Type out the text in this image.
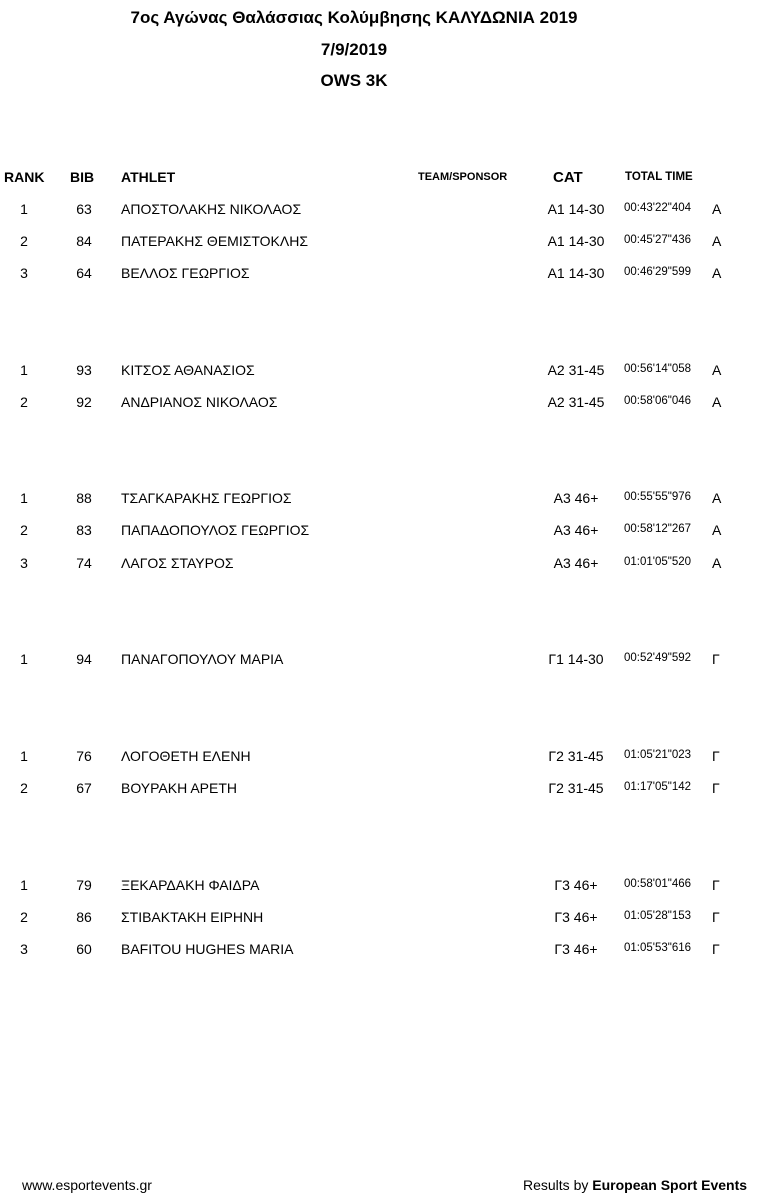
7ος Αγώνας Θαλάσσιας Κολύμβησης ΚΑΛΥΔΩΝΙΑ 2019
7/9/2019
OWS 3K
RANK BIB ATHLET	TEAM/SPONSOR	CAT	TOTAL TIME
1	63	ΑΠΟΣΤΟΛΑΚΗΣ ΝΙΚΟΛΑΟΣ	Α1 14-30	00:43'22"404 Α
2	84	ΠΑΤΕΡΑΚΗΣ ΘΕΜΙΣΤΟΚΛΗΣ	Α1 14-30	00:45'27"436 Α
3	64	ΒΕΛΛΟΣ ΓΕΩΡΓΙΟΣ	Α1 14-30	00:46'29"599 Α
1	93	ΚΙΤΣΟΣ ΑΘΑΝΑΣΙΟΣ	Α2 31-45	00:56'14"058 Α
2	92	ΑΝΔΡΙΑΝΟΣ ΝΙΚΟΛΑΟΣ	Α2 31-45	00:58'06"046 Α
1	88	ΤΣΑΓΚΑΡΑΚΗΣ ΓΕΩΡΓΙΟΣ	Α3 46+	00:55'55"976 Α
2	83	ΠΑΠΑΔΟΠΟΥΛΟΣ ΓΕΩΡΓΙΟΣ	Α3 46+	00:58'12"267 Α
3	74	ΛΑΓΟΣ ΣΤΑΥΡΟΣ	Α3 46+	01:01'05"520 Α
1	94	ΠΑΝΑΓΟΠΟΥΛΟΥ ΜΑΡΙΑ	Γ1 14-30	00:52'49"592 Γ
1	76	ΛΟΓΟΘΕΤΗ ΕΛΕΝΗ	Γ2 31-45	01:05'21"023 Γ
2	67	ΒΟΥΡΑΚΗ ΑΡΕΤΗ	Γ2 31-45	01:17'05"142 Γ
1	79	ΞΕΚΑΡΔΑΚΗ ΦΑΙΔΡΑ	Γ3 46+	00:58'01"466 Γ
2	86	ΣΤΙΒΑΚΤΑΚΗ ΕΙΡΗΝΗ	Γ3 46+	01:05'28"153 Γ
3	60	BAFITOU HUGHES MARIA	Γ3 46+	01:05'53"616 Γ
www.esportevents.gr	Results by European Sport Events
